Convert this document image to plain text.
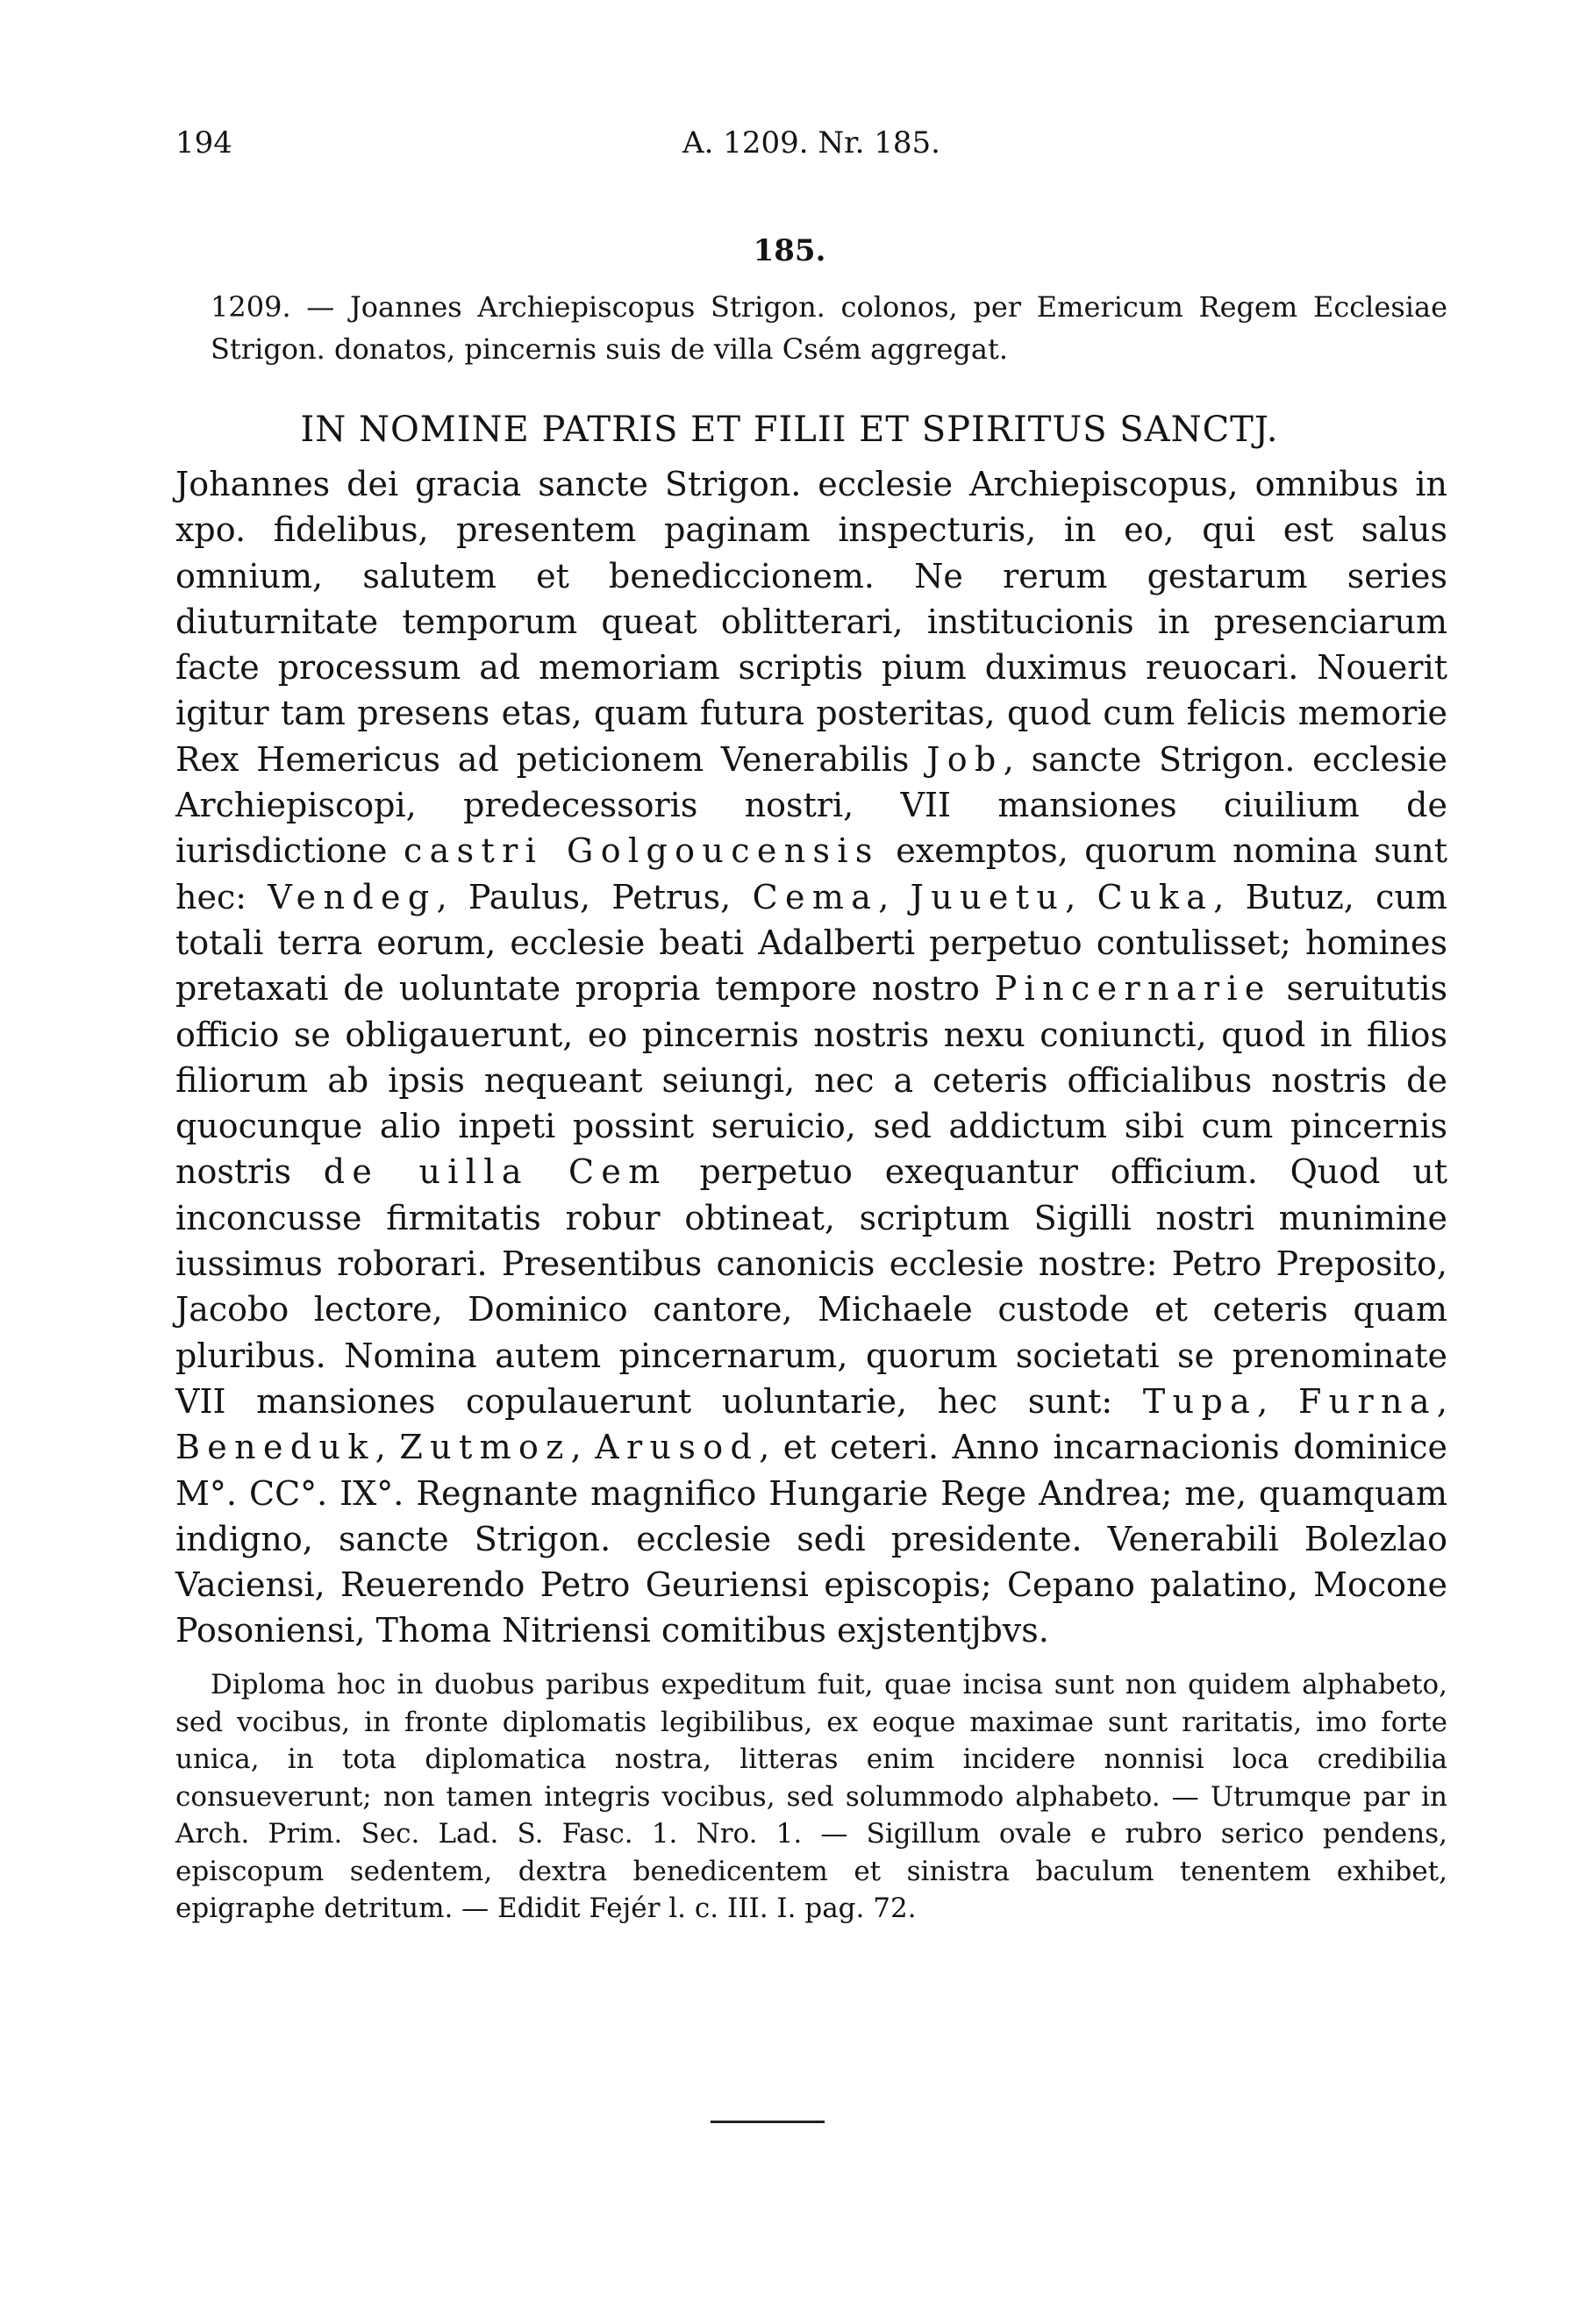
194	A. 1209. Nr. 185.
185.

1209. — Joannes Archiepiscopus Strigon. colonos, per Emericum Regem Ecclesiae Strigon. donatos, pincernis suis de villa Csém aggregat.

IN NOMINE PATRIS ET FILII ET SPIRITUS SANCTJ.

Johannes dei gracia sancte Strigon. ecclesie Archiepiscopus, omnibus in xpo. fidelibus, presentem paginam inspecturis, in eo, qui est salus omnium, salutem et benediccionem. Ne rerum gestarum series diuturnitate temporum queat oblitterari, institucionis in presenciarum facte processum ad memoriam scriptis pium duximus reuocari. Nouerit igitur tam presens etas, quam futura posteritas, quod cum felicis memorie Rex Hemericus ad peticionem Venerabilis Job, sancte Strigon. ecclesie Archiepiscopi, predecessoris nostri, VII mansiones ciuilium de iurisdictione castri Golgoucensis exemptos, quorum nomina sunt hec: Vendeg, Paulus, Petrus, Cema, Juuetu, Cuka, Butuz, cum totali terra eorum, ecclesie beati Adalberti perpetuo contulisset; homines pretaxati de uoluntate propria tempore nostro Pincernarie seruitutis officio se obligauerunt, eo pincernis nostris nexu coniuncti, quod in filios filiorum ab ipsis nequeant seiungi, nec a ceteris officialibus nostris de quocunque alio inpeti possint seruicio, sed addictum sibi cum pincernis nostris de uilla Cem perpetuo exequantur officium. Quod ut inconcusse firmitatis robur obtineat, scriptum Sigilli nostri munimine iussimus roborari. Presentibus canonicis ecclesie nostre: Petro Preposito, Jacobo lectore, Dominico cantore, Michaele custode et ceteris quam pluribus. Nomina autem pincernarum, quorum societati se prenominate VII mansiones copulauerunt uoluntarie, hec sunt: Tupa, Furna, Beneduk, Zutmoz, Arusod, et ceteri. Anno incarnacionis dominice M°. CC°. IX°. Regnante magnifico Hungarie Rege Andrea; me, quamquam indigno, sancte Strigon. ecclesie sedi presidente. Venerabili Bolezlao Vaciensi, Reuerendo Petro Geuriensi episcopis; Cepano palatino, Mocone Posoniensi, Thoma Nitriensi comitibus exjstentjbvs.

Diploma hoc in duobus paribus expeditum fuit, quae incisa sunt non quidem alphabeto, sed vocibus, in fronte diplomatis legibilibus, ex eoque maximae sunt raritatis, imo forte unica, in tota diplomatica nostra, litteras enim incidere nonnisi loca credibilia consueverunt; non tamen integris vocibus, sed solummodo alphabeto. — Utrumque par in Arch. Prim. Sec. Lad. S. Fasc. 1. Nro. 1. — Sigillum ovale e rubro serico pendens, episcopum sedentem, dextra benedicentem et sinistra baculum tenentem exhibet, epigraphe detritum. — Edidit Fejér l. c. III. I. pag. 72.
